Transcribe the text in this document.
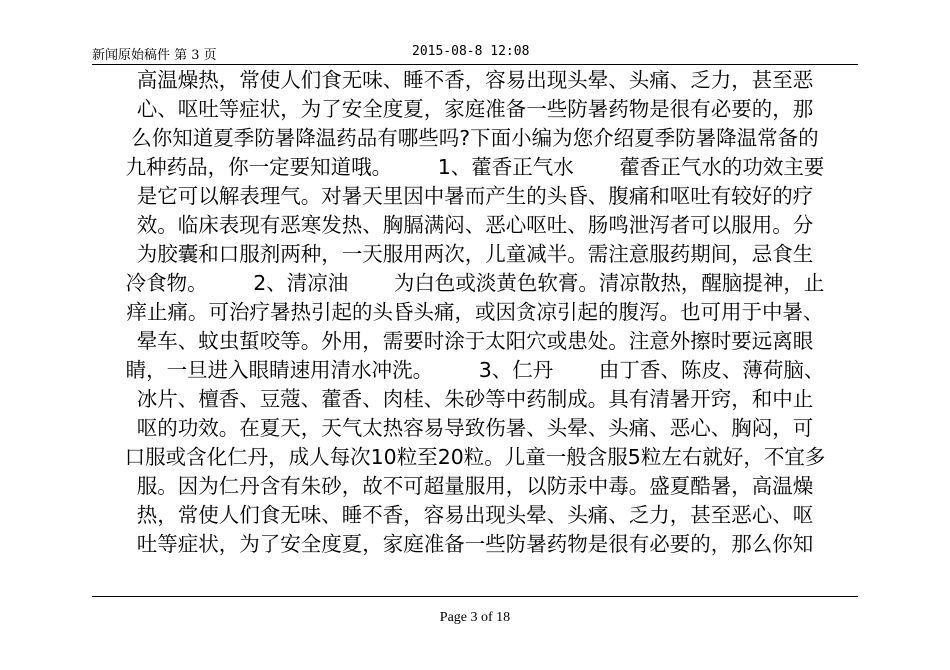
新闻原始稿件 第 3 页	2015-08-8 12:08
高温燥热，常使人们食无味、睡不香，容易出现头晕、头痛、乏力，甚至恶
心、呕吐等症状，为了安全度夏，家庭准备一些防暑药物是很有必要的，那
么你知道夏季防暑降温药品有哪些吗?下面小编为您介绍夏季防暑降温常备的
九种药品，你一定要知道哦。       1、藿香正气水       藿香正气水的功效主要
是它可以解表理气。对暑天里因中暑而产生的头昏、腹痛和呕吐有较好的疗
效。临床表现有恶寒发热、胸膈满闷、恶心呕吐、肠鸣泄泻者可以服用。分
为胶囊和口服剂两种，一天服用两次，儿童减半。需注意服药期间，忌食生
冷食物。       2、清凉油       为白色或淡黄色软膏。清凉散热，醒脑提神，止
痒止痛。可治疗暑热引起的头昏头痛，或因贪凉引起的腹泻。也可用于中暑、
晕车、蚊虫蜇咬等。外用，需要时涂于太阳穴或患处。注意外擦时要远离眼
睛，一旦进入眼睛速用清水冲洗。       3、仁丹       由丁香、陈皮、薄荷脑、
冰片、檀香、豆蔻、藿香、肉桂、朱砂等中药制成。具有清暑开窍，和中止
呕的功效。在夏天，天气太热容易导致伤暑、头晕、头痛、恶心、胸闷，可
口服或含化仁丹，成人每次10粒至20粒。儿童一般含服5粒左右就好，不宜多
服。因为仁丹含有朱砂，故不可超量服用，以防汞中毒。盛夏酷暑，高温燥
热，常使人们食无味、睡不香，容易出现头晕、头痛、乏力，甚至恶心、呕
吐等症状，为了安全度夏，家庭准备一些防暑药物是很有必要的，那么你知
Page 3 of 18
